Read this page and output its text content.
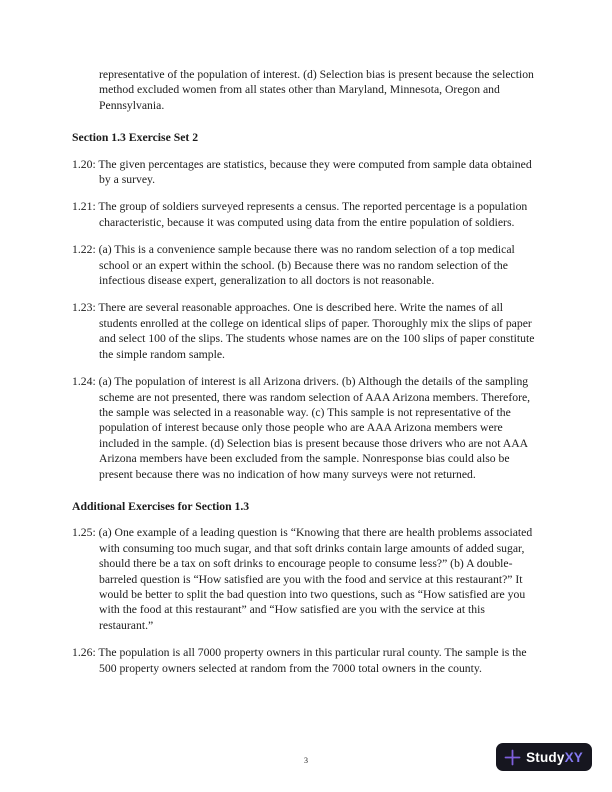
representative of the population of interest. (d) Selection bias is present because the selection method excluded women from all states other than Maryland, Minnesota, Oregon and Pennsylvania.

Section 1.3 Exercise Set 2

1.20: The given percentages are statistics, because they were computed from sample data obtained by a survey.

1.21: The group of soldiers surveyed represents a census. The reported percentage is a population characteristic, because it was computed using data from the entire population of soldiers.

1.22: (a) This is a convenience sample because there was no random selection of a top medical school or an expert within the school. (b) Because there was no random selection of the infectious disease expert, generalization to all doctors is not reasonable.

1.23: There are several reasonable approaches. One is described here. Write the names of all students enrolled at the college on identical slips of paper. Thoroughly mix the slips of paper and select 100 of the slips. The students whose names are on the 100 slips of paper constitute the simple random sample.

1.24: (a) The population of interest is all Arizona drivers. (b) Although the details of the sampling scheme are not presented, there was random selection of AAA Arizona members. Therefore, the sample was selected in a reasonable way. (c) This sample is not representative of the population of interest because only those people who are AAA Arizona members were included in the sample. (d) Selection bias is present because those drivers who are not AAA Arizona members have been excluded from the sample. Nonresponse bias could also be present because there was no indication of how many surveys were not returned.

Additional Exercises for Section 1.3

1.25: (a) One example of a leading question is “Knowing that there are health problems associated with consuming too much sugar, and that soft drinks contain large amounts of added sugar, should there be a tax on soft drinks to encourage people to consume less?” (b) A double-barreled question is “How satisfied are you with the food and service at this restaurant?” It would be better to split the bad question into two questions, such as “How satisfied are you with the food at this restaurant” and “How satisfied are you with the service at this restaurant.”

1.26: The population is all 7000 property owners in this particular rural county. The sample is the 500 property owners selected at random from the 7000 total owners in the county.

3	StudyXY
